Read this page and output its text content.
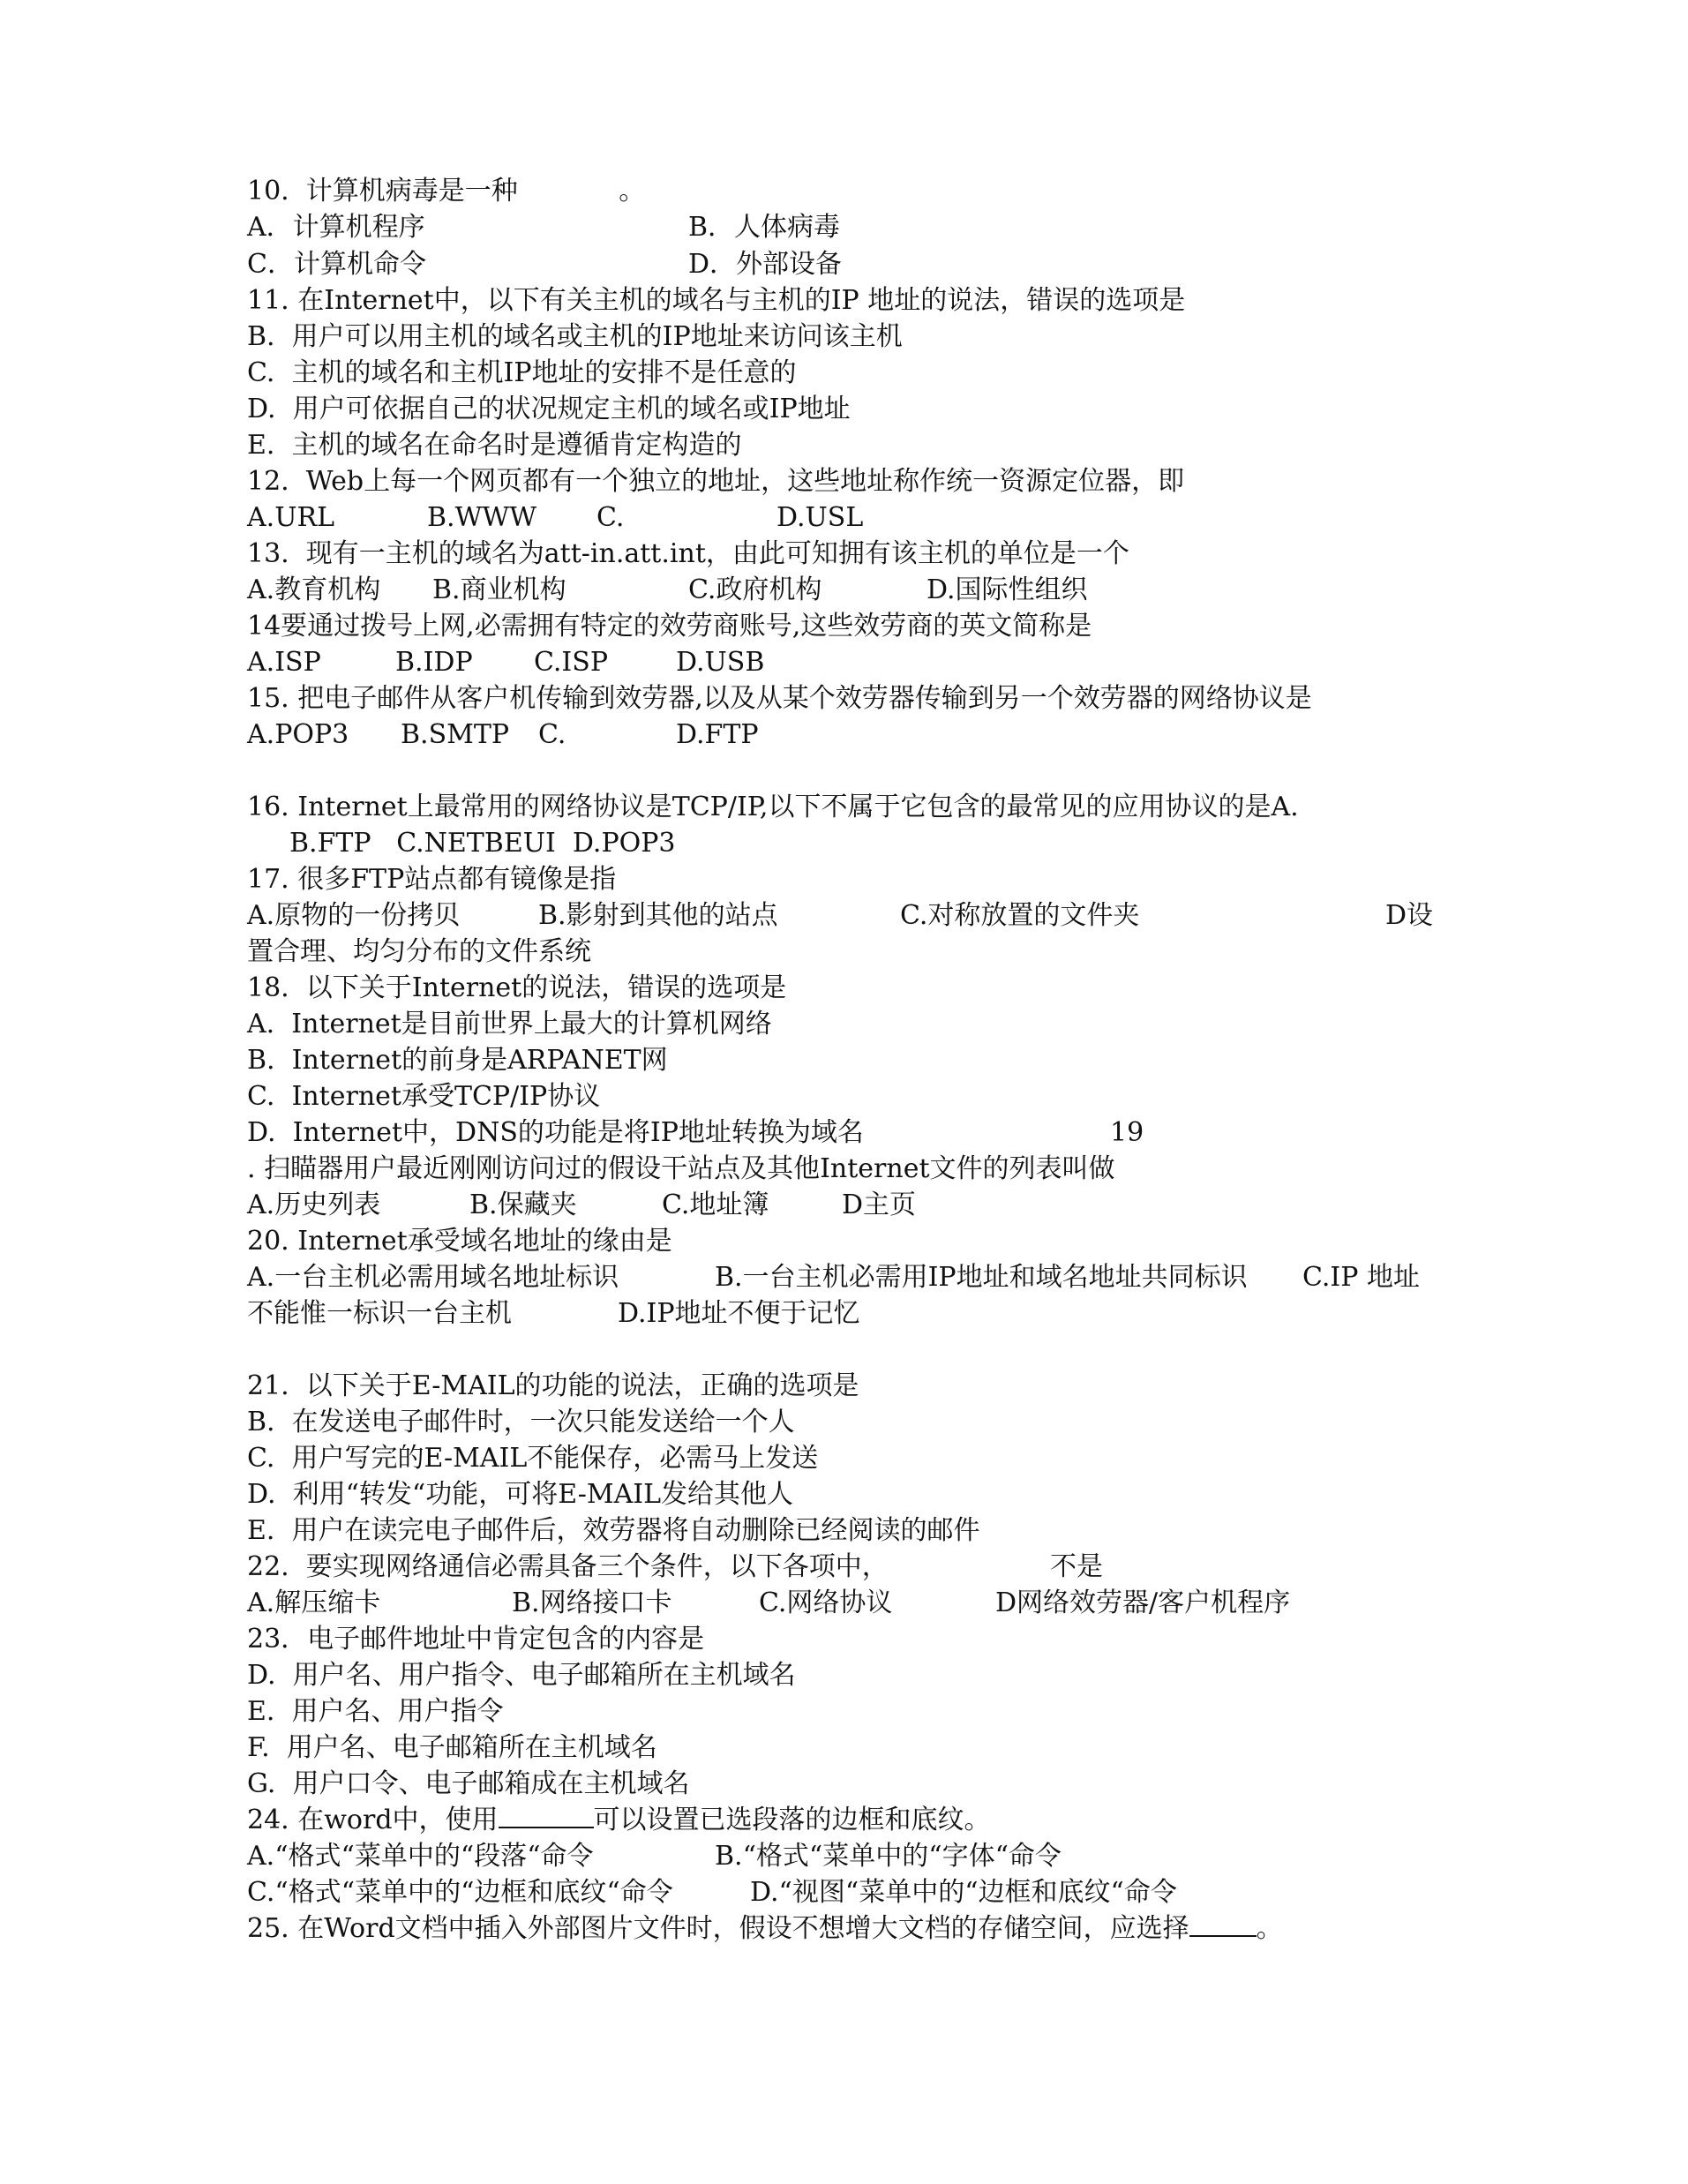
10.  计算机病毒是一种            。

A．计算机程序

	B．人体病毒

C．计算机命令

	D．外部设备

11. 在Internet中，以下有关主机的域名与主机的IP 地址的说法，错误的选项是

B.  用户可以用主机的域名或主机的IP地址来访问该主机

C.  主机的域名和主机IP地址的安排不是任意的

D.  用户可依据自己的状况规定主机的域名或IP地址

E.  主机的域名在命名时是遵循肯定构造的

12.  Web上每一个网页都有一个独立的地址，这些地址称作统一资源定位器，即

A.URL

	B.WWW

C.

	D.USL

13.  现有一主机的域名为att-in.att.int，由此可知拥有该主机的单位是一个

A.教育机构

B.商业机构

	C.政府机构

	D.国际性组织

14要通过拨号上网,必需拥有特定的效劳商账号,这些效劳商的英文简称是

A.ISP

	B.IDP

C.ISP

	D.USB

15. 把电子邮件从客户机传输到效劳器,以及从某个效劳器传输到另一个效劳器的网络协议是

A.POP3

B.SMTP

C.

	D.FTP

16. Internet上最常用的网络协议是TCP/IP,以下不属于它包含的最常见的应用协议的是A.

B.FTP   C.NETBEUI  D.POP3

17. 很多FTP站点都有镜像是指

A.原物的一份拷贝

	B.影射到其他的站点

	C.对称放置的文件夹

	D设

置合理、均匀分布的文件系统

18.  以下关于Internet的说法，错误的选项是

A.  Internet是目前世界上最大的计算机网络

B.  Internet的前身是ARPANET网

C.  Internet承受TCP/IP协议

D.  Internet中，DNS的功能是将IP地址转换为域名

	19

. 扫瞄器用户最近刚刚访问过的假设干站点及其他Internet文件的列表叫做

A.历史列表

	B.保藏夹

	C.地址簿

	D主页

20. Internet承受域名地址的缘由是

A.一台主机必需用域名地址标识

	B.一台主机必需用IP地址和域名地址共同标识

C.IP 地址

不能惟一标识一台主机

	D.IP地址不便于记忆

21.  以下关于E-MAIL的功能的说法，正确的选项是

B.  在发送电子邮件时，一次只能发送给一个人

C.  用户写完的E-MAIL不能保存，必需马上发送

D.  利用“转发“功能，可将E-MAIL发给其他人

E.  用户在读完电子邮件后，效劳器将自动删除已经阅读的邮件

22.  要实现网络通信必需具备三个条件，以下各项中，

	不是

A.解压缩卡

	B.网络接口卡

	C.网络协议

	D网络效劳器/客户机程序

23．电子邮件地址中肯定包含的内容是

D.  用户名、用户指令、电子邮箱所在主机域名

E.  用户名、用户指令

F.  用户名、电子邮箱所在主机域名

G.  用户口令、电子邮箱成在主机域名

24. 在word中，使用	可以设置已选段落的边框和底纹。

A.“格式“菜单中的“段落“命令

	B.“格式“菜单中的“字体“命令

C.“格式“菜单中的“边框和底纹“命令

	D.“视图“菜单中的“边框和底纹“命令

25. 在Word文档中插入外部图片文件时，假设不想增大文档的存储空间，应选择	。
